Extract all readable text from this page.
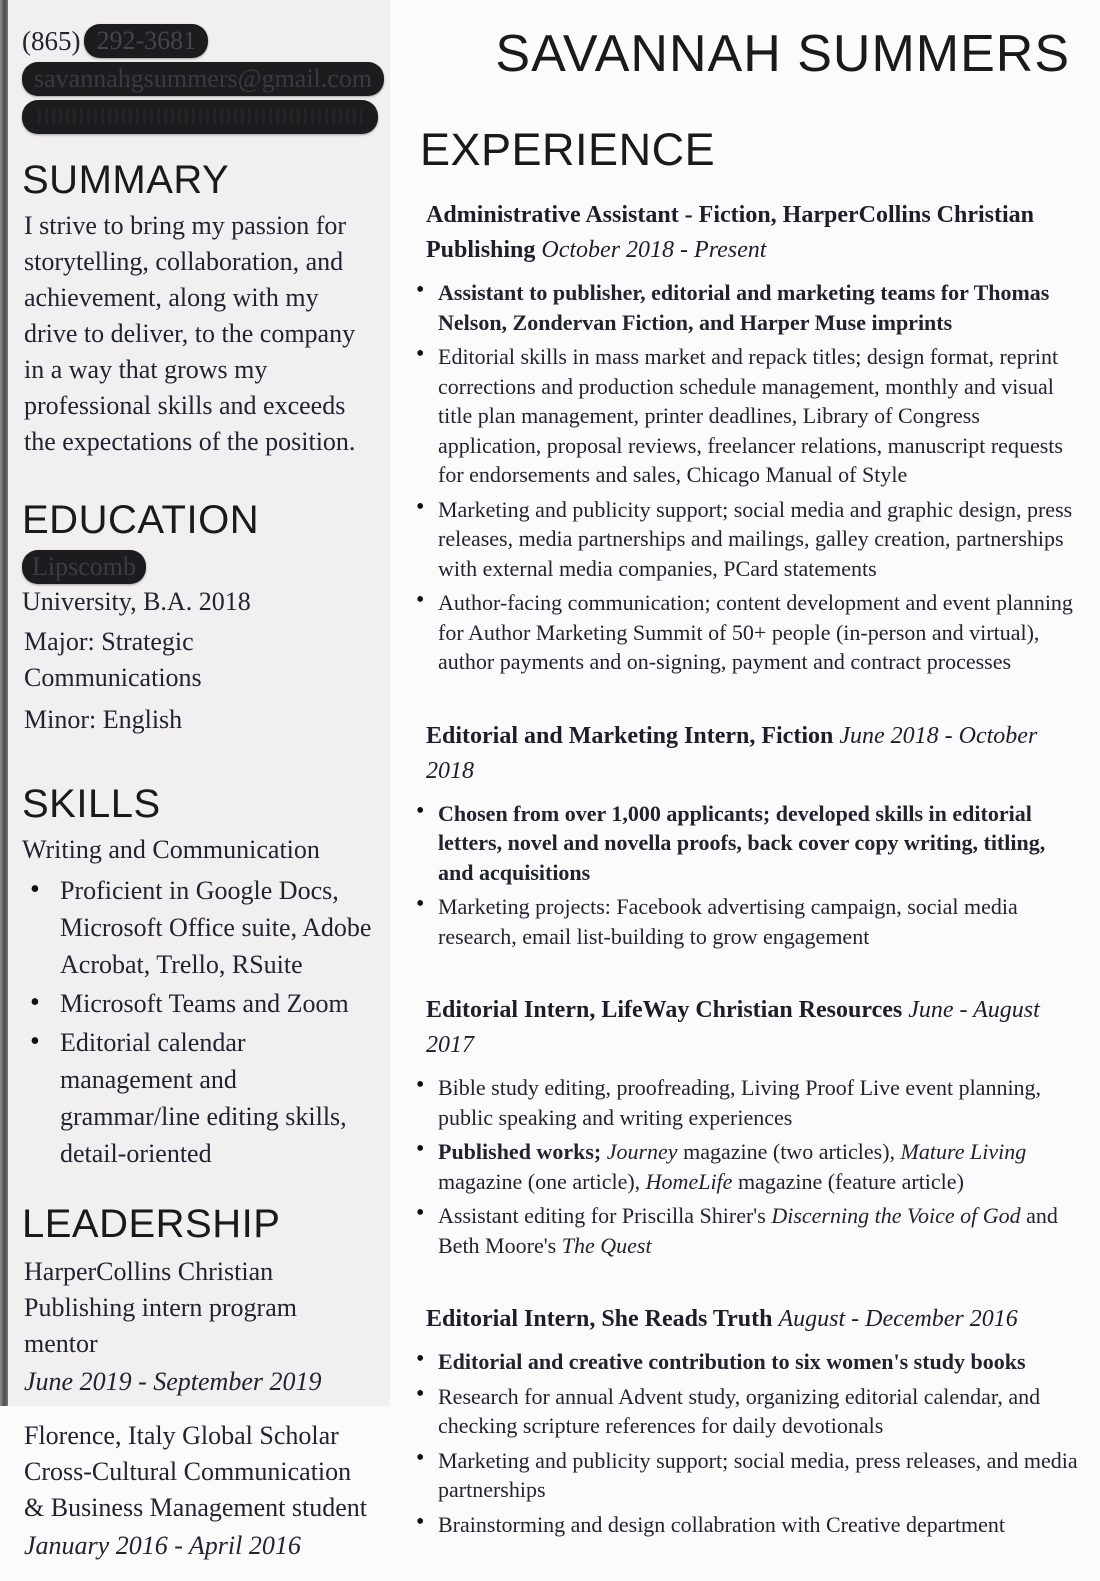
(865) 292-3681
savannahgsummers@gmail.com
SUMMARY

I strive to bring my passion for storytelling, collaboration, and achievement, along with my drive to deliver, to the company in a way that grows my professional skills and exceeds the expectations of the position.

EDUCATION
Lipscomb
University, B.A. 2018

Major: Strategic Communications

Minor: English

SKILLS

Writing and Communication

• Proficient in Google Docs, Microsoft Office suite, Adobe Acrobat, Trello, RSuite
• Microsoft Teams and Zoom
• Editorial calendar management and grammar/line editing skills, detail-oriented
LEADERSHIP

HarperCollins Christian Publishing intern program mentor

June 2019 - September 2019

Florence, Italy Global Scholar Cross-Cultural Communication & Business Management student

January 2016 - April 2016

SAVANNAH SUMMERS
EXPERIENCE
Administrative Assistant - Fiction, HarperCollins Christian Publishing October 2018 - Present
• Assistant to publisher, editorial and marketing teams for Thomas Nelson, Zondervan Fiction, and Harper Muse imprints
• Editorial skills in mass market and repack titles; design format, reprint corrections and production schedule management, monthly and visual title plan management, printer deadlines, Library of Congress application, proposal reviews, freelancer relations, manuscript requests for endorsements and sales, Chicago Manual of Style
• Marketing and publicity support; social media and graphic design, press releases, media partnerships and mailings, galley creation, partnerships with external media companies, PCard statements
• Author-facing communication; content development and event planning for Author Marketing Summit of 50+ people (in-person and virtual), author payments and on-signing, payment and contract processes
Editorial and Marketing Intern, Fiction June 2018 - October 2018
• Chosen from over 1,000 applicants; developed skills in editorial letters, novel and novella proofs, back cover copy writing, titling, and acquisitions
• Marketing projects: Facebook advertising campaign, social media research, email list-building to grow engagement
Editorial Intern, LifeWay Christian Resources June - August 2017
• Bible study editing, proofreading, Living Proof Live event planning, public speaking and writing experiences
• Published works; Journey magazine (two articles), Mature Living magazine (one article), HomeLife magazine (feature article)
• Assistant editing for Priscilla Shirer's Discerning the Voice of God and Beth Moore's The Quest
Editorial Intern, She Reads Truth August - December 2016
• Editorial and creative contribution to six women's study books
• Research for annual Advent study, organizing editorial calendar, and checking scripture references for daily devotionals
• Marketing and publicity support; social media, press releases, and media partnerships
• Brainstorming and design collabration with Creative department
